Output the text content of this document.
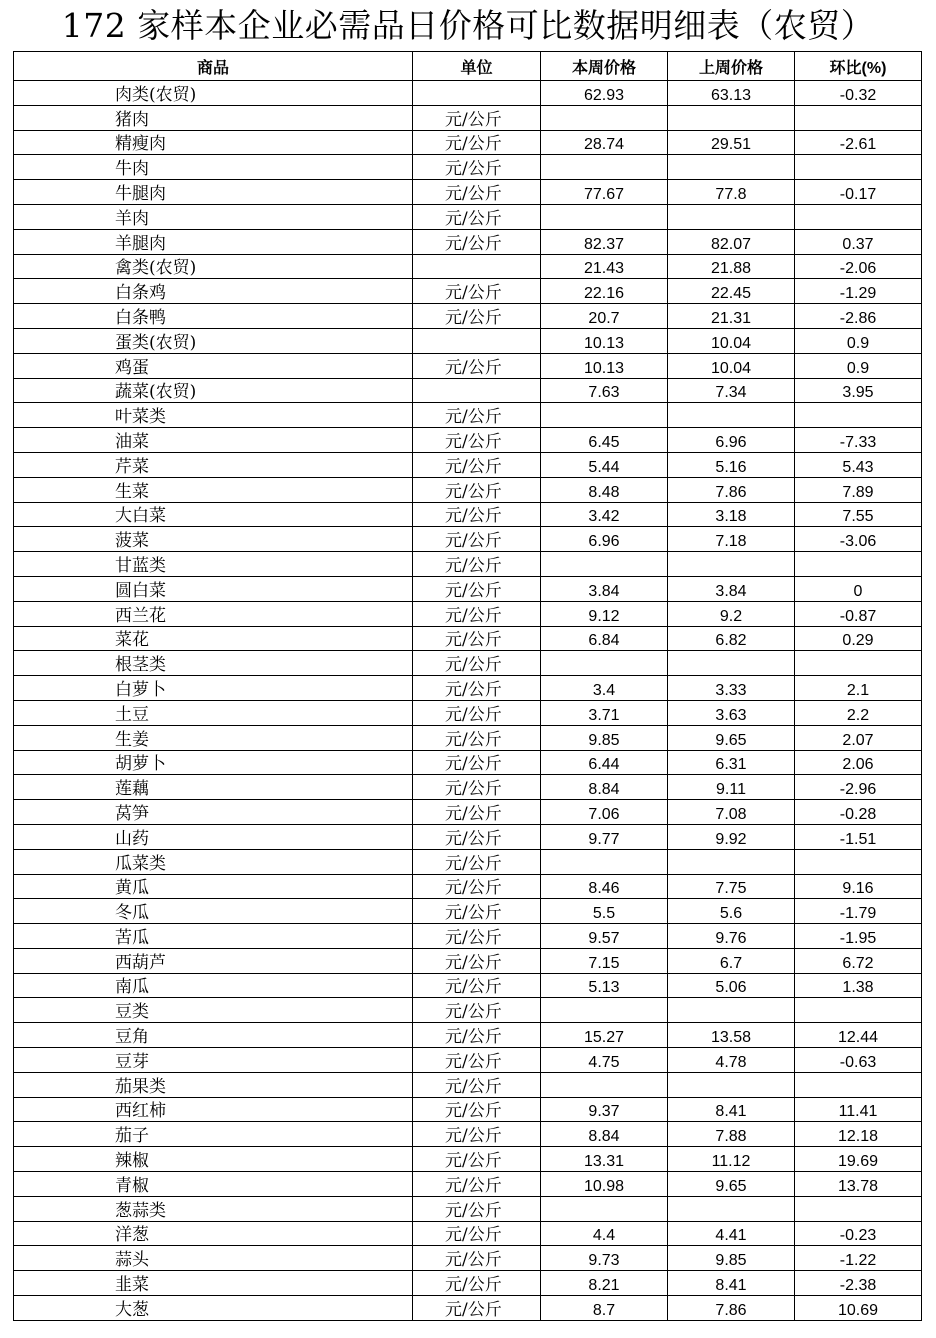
172 家样本企业必需品日价格可比数据明细表（农贸）
商品	单位	本周价格	上周价格	环比(%)
肉类(农贸)		62.93	63.13	-0.32
猪肉	元/公斤			
精瘦肉	元/公斤	28.74	29.51	-2.61
牛肉	元/公斤			
牛腿肉	元/公斤	77.67	77.8	-0.17
羊肉	元/公斤			
羊腿肉	元/公斤	82.37	82.07	0.37
禽类(农贸)		21.43	21.88	-2.06
白条鸡	元/公斤	22.16	22.45	-1.29
白条鸭	元/公斤	20.7	21.31	-2.86
蛋类(农贸)		10.13	10.04	0.9
鸡蛋	元/公斤	10.13	10.04	0.9
蔬菜(农贸)		7.63	7.34	3.95
叶菜类	元/公斤			
油菜	元/公斤	6.45	6.96	-7.33
芹菜	元/公斤	5.44	5.16	5.43
生菜	元/公斤	8.48	7.86	7.89
大白菜	元/公斤	3.42	3.18	7.55
菠菜	元/公斤	6.96	7.18	-3.06
甘蓝类	元/公斤			
圆白菜	元/公斤	3.84	3.84	0
西兰花	元/公斤	9.12	9.2	-0.87
菜花	元/公斤	6.84	6.82	0.29
根茎类	元/公斤			
白萝卜	元/公斤	3.4	3.33	2.1
土豆	元/公斤	3.71	3.63	2.2
生姜	元/公斤	9.85	9.65	2.07
胡萝卜	元/公斤	6.44	6.31	2.06
莲藕	元/公斤	8.84	9.11	-2.96
莴笋	元/公斤	7.06	7.08	-0.28
山药	元/公斤	9.77	9.92	-1.51
瓜菜类	元/公斤			
黄瓜	元/公斤	8.46	7.75	9.16
冬瓜	元/公斤	5.5	5.6	-1.79
苦瓜	元/公斤	9.57	9.76	-1.95
西葫芦	元/公斤	7.15	6.7	6.72
南瓜	元/公斤	5.13	5.06	1.38
豆类	元/公斤			
豆角	元/公斤	15.27	13.58	12.44
豆芽	元/公斤	4.75	4.78	-0.63
茄果类	元/公斤			
西红柿	元/公斤	9.37	8.41	11.41
茄子	元/公斤	8.84	7.88	12.18
辣椒	元/公斤	13.31	11.12	19.69
青椒	元/公斤	10.98	9.65	13.78
葱蒜类	元/公斤			
洋葱	元/公斤	4.4	4.41	-0.23
蒜头	元/公斤	9.73	9.85	-1.22
韭菜	元/公斤	8.21	8.41	-2.38
大葱	元/公斤	8.7	7.86	10.69
